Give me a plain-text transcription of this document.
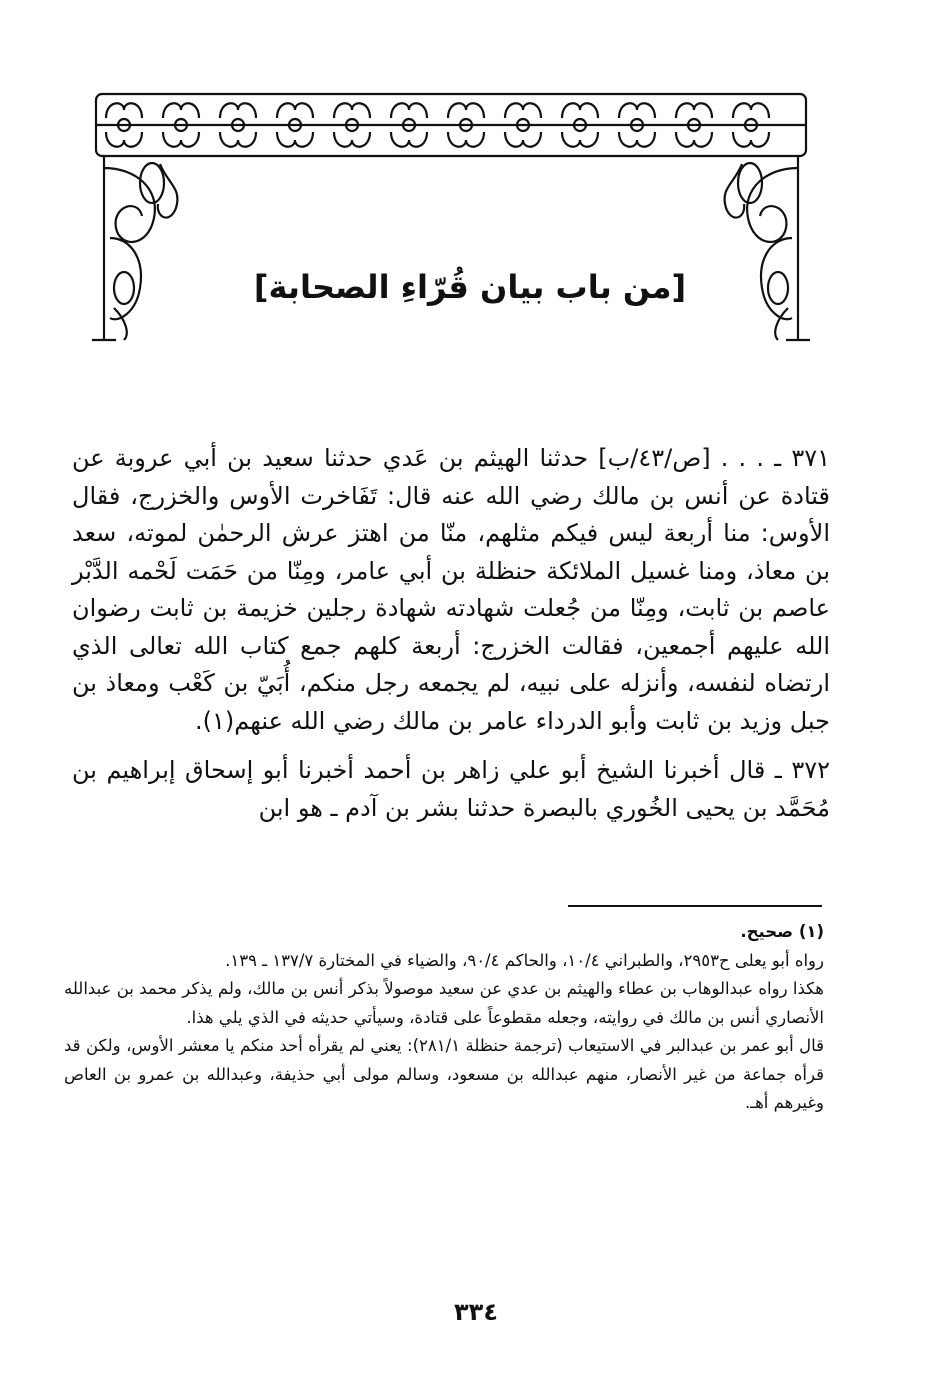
[من باب بيان قُرّاءِ الصحابة]

٣٧١ ـ . . . [ص/٤٣/ب] حدثنا الهيثم بن عَدي حدثنا سعيد بن أبي عروبة عن قتادة عن أنس بن مالك رضي الله عنه قال: تَفَاخرت الأوس والخزرج، فقال الأوس: منا أربعة ليس فيكم مثلهم، منّا من اهتز عرش الرحمٰن لموته، سعد بن معاذ، ومنا غسيل الملائكة حنظلة بن أبي عامر، ومِنّا من حَمَت لَحْمه الدَّبْر عاصم بن ثابت، ومِنّا من جُعلت شهادته شهادة رجلين خزيمة بن ثابت رضوان الله عليهم أجمعين، فقالت الخزرج: أربعة كلهم جمع كتاب الله تعالى الذي ارتضاه لنفسه، وأنزله على نبيه، لم يجمعه رجل منكم، أُبَيّ بن كَعْب ومعاذ بن جبل وزيد بن ثابت وأبو الدرداء عامر بن مالك رضي الله عنهم(١).

٣٧٢ ـ قال أخبرنا الشيخ أبو علي زاهر بن أحمد أخبرنا أبو إسحاق إبراهيم بن مُحَمَّد بن يحيى الخُوري بالبصرة حدثنا بشر بن آدم ـ هو ابن

(١) صحيح.

رواه أبو يعلى ح٢٩٥٣، والطبراني ١٠/٤، والحاكم ٩٠/٤، والضياء في المختارة ١٣٧/٧ ـ ١٣٩.

هكذا رواه عبدالوهاب بن عطاء والهيثم بن عدي عن سعيد موصولاً بذكر أنس بن مالك، ولم يذكر محمد بن عبدالله الأنصاري أنس بن مالك في روايته، وجعله مقطوعاً على قتادة، وسيأتي حديثه في الذي يلي هذا.

قال أبو عمر بن عبدالبر في الاستيعاب (ترجمة حنظلة ٢٨١/١): يعني لم يقرأه أحد منكم يا معشر الأوس، ولكن قد قرأه جماعة من غير الأنصار، منهم عبدالله بن مسعود، وسالم مولى أبي حذيفة، وعبدالله بن عمرو بن العاص وغيرهم أهـ.

٣٣٤
